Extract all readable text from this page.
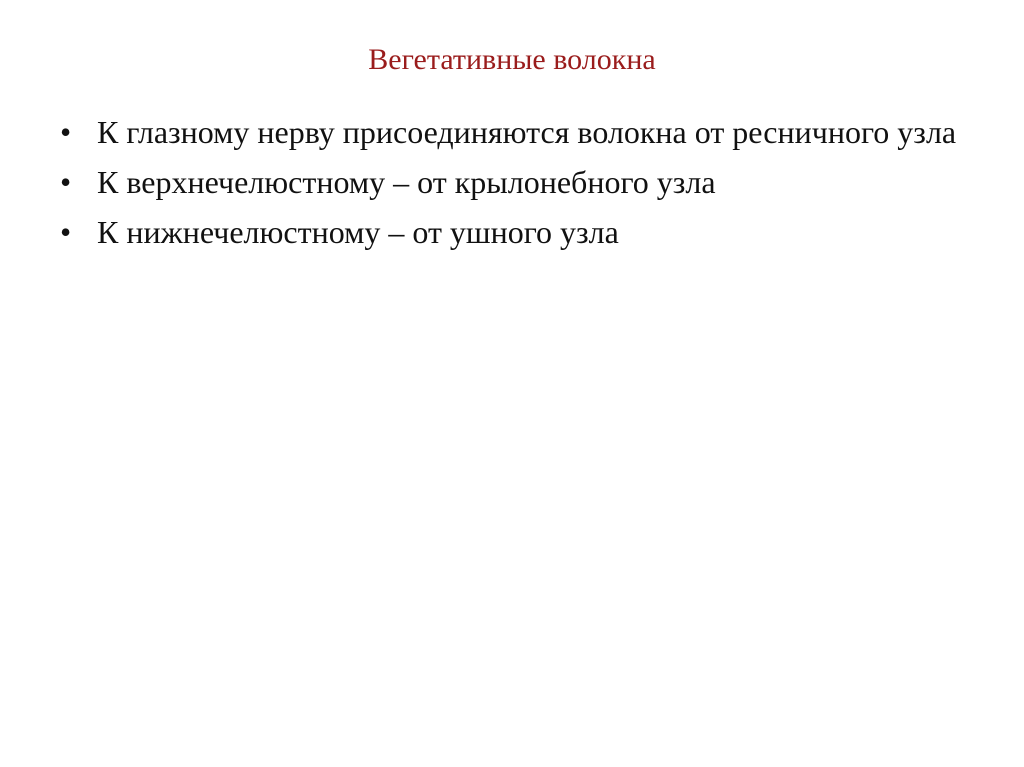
Вегетативные волокна
• К глазному нерву присоединяются волокна от ресничного узла
• К верхнечелюстному – от крылонебного узла
• К нижнечелюстному – от ушного узла
